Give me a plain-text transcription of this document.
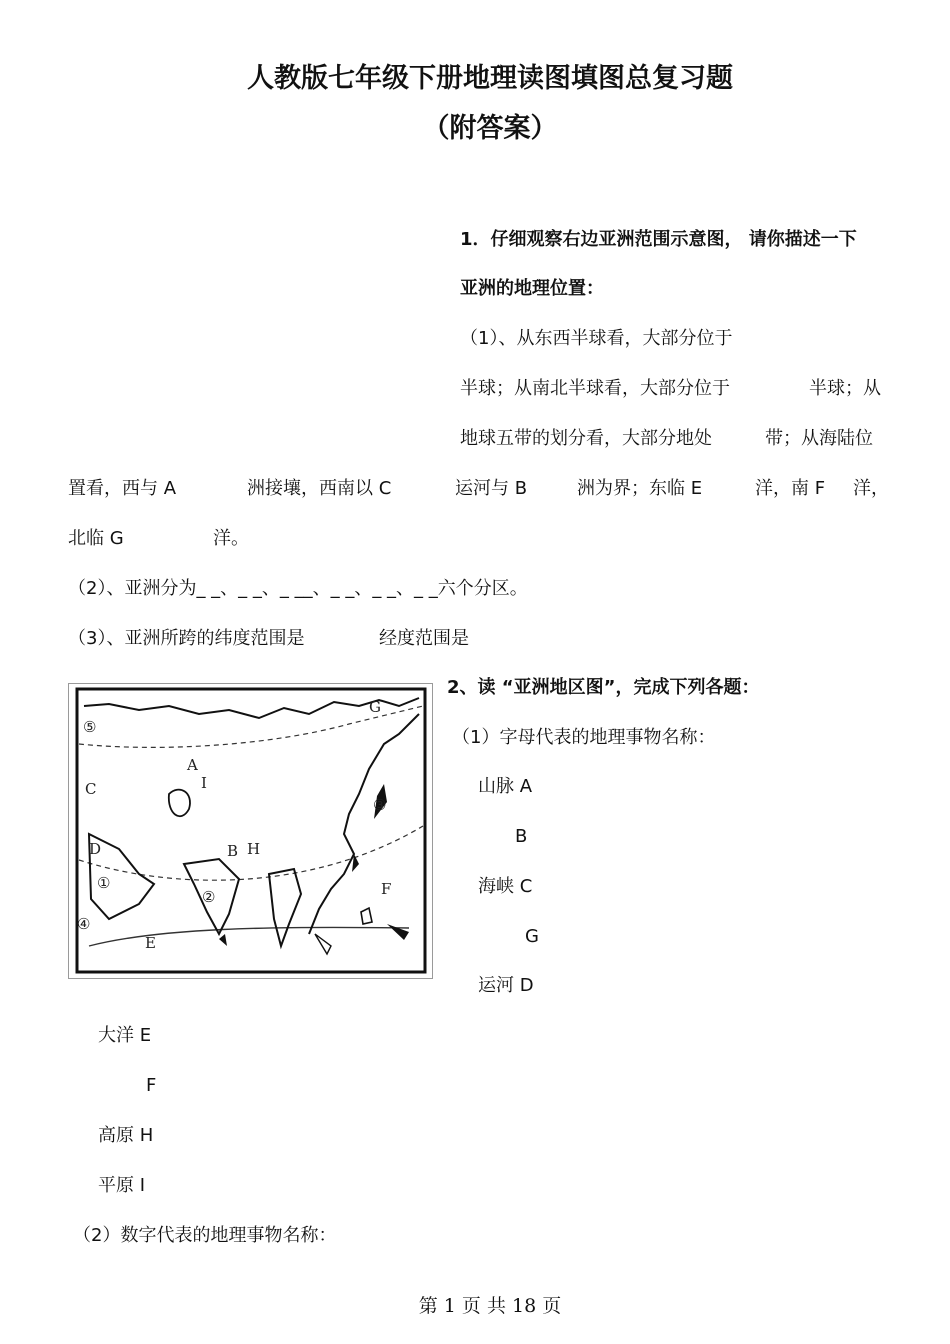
人教版七年级下册地理读图填图总复习题
（附答案）
1．仔细观察右边亚洲范围示意图， 请你描述一下
亚洲的地理位置：
（1）、从东西半球看，大部分位于
半球；从南北半球看，大部分位于	半球；从
地球五带的划分看，大部分地处	带；从海陆位
置看，西与 A	洲接壤，西南以 C	运河与 B	洲为界；东临 E	洋，南 F 洋，
北临 G	洋。
（2）、亚洲分为_ _、_ _、_ __、_ _、_ _、_ _六个分区。
（3）、亚洲所跨的纬度范围是	经度范围是
2、读 “亚洲地区图”，完成下列各题：
（1）字母代表的地理事物名称：
山脉 A
B
海峡 C
G
运河 D
大洋 E
F
高原 H
平原 I
（2）数字代表的地理事物名称：
A
I
C
D	B H
E
F
G
①
②
③
④
⑤
第 1 页 共 18 页
